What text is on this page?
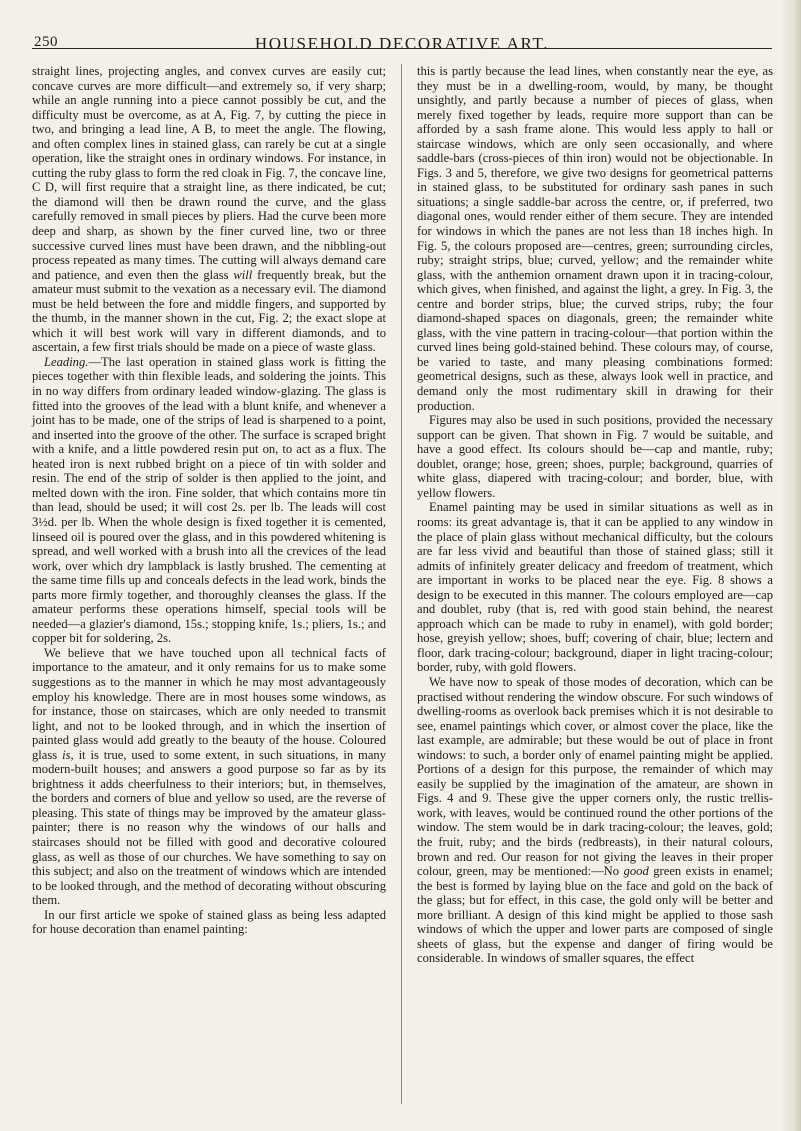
250	HOUSEHOLD DECORATIVE ART.

straight lines, projecting angles, and convex curves are easily cut; concave curves are more difficult—and extremely so, if very sharp; while an angle running into a piece cannot possibly be cut, and the difficulty must be overcome, as at A, Fig. 7, by cutting the piece in two, and bringing a lead line, A B, to meet the angle. The flowing, and often complex lines in stained glass, can rarely be cut at a single operation, like the straight ones in ordinary windows. For instance, in cutting the ruby glass to form the red cloak in Fig. 7, the concave line, C D, will first require that a straight line, as there indicated, be cut; the diamond will then be drawn round the curve, and the glass carefully removed in small pieces by pliers. Had the curve been more deep and sharp, as shown by the finer curved line, two or three successive curved lines must have been drawn, and the nibbling-out process repeated as many times. The cutting will always demand care and patience, and even then the glass will frequently break, but the amateur must submit to the vexation as a necessary evil. The diamond must be held between the fore and middle fingers, and supported by the thumb, in the manner shown in the cut, Fig. 2; the exact slope at which it will best work will vary in different diamonds, and to ascertain, a few first trials should be made on a piece of waste glass.

Leading.—The last operation in stained glass work is fitting the pieces together with thin flexible leads, and soldering the joints. This in no way differs from ordinary leaded window-glazing. The glass is fitted into the grooves of the lead with a blunt knife, and whenever a joint has to be made, one of the strips of lead is sharpened to a point, and inserted into the groove of the other. The surface is scraped bright with a knife, and a little powdered resin put on, to act as a flux. The heated iron is next rubbed bright on a piece of tin with solder and resin. The end of the strip of solder is then applied to the joint, and melted down with the iron. Fine solder, that which contains more tin than lead, should be used; it will cost 2s. per lb. The leads will cost 3½d. per lb. When the whole design is fixed together it is cemented, linseed oil is poured over the glass, and in this powdered whitening is spread, and well worked with a brush into all the crevices of the lead work, over which dry lampblack is lastly brushed. The cementing at the same time fills up and conceals defects in the lead work, binds the parts more firmly together, and thoroughly cleanses the glass. If the amateur performs these operations himself, special tools will be needed—a glazier's diamond, 15s.; stopping knife, 1s.; pliers, 1s.; and copper bit for soldering, 2s.

We believe that we have touched upon all technical facts of importance to the amateur, and it only remains for us to make some suggestions as to the manner in which he may most advantageously employ his knowledge. There are in most houses some windows, as for instance, those on staircases, which are only needed to transmit light, and not to be looked through, and in which the insertion of painted glass would add greatly to the beauty of the house. Coloured glass is, it is true, used to some extent, in such situations, in many modern-built houses; and answers a good purpose so far as by its brightness it adds cheerfulness to their interiors; but, in themselves, the borders and corners of blue and yellow so used, are the reverse of pleasing. This state of things may be improved by the amateur glass-painter; there is no reason why the windows of our halls and staircases should not be filled with good and decorative coloured glass, as well as those of our churches. We have something to say on this subject; and also on the treatment of windows which are intended to be looked through, and the method of decorating without obscuring them.

In our first article we spoke of stained glass as being less adapted for house decoration than enamel painting:

this is partly because the lead lines, when constantly near the eye, as they must be in a dwelling-room, would, by many, be thought unsightly, and partly because a number of pieces of glass, when merely fixed together by leads, require more support than can be afforded by a sash frame alone. This would less apply to hall or staircase windows, which are only seen occasionally, and where saddle-bars (cross-pieces of thin iron) would not be objectionable. In Figs. 3 and 5, therefore, we give two designs for geometrical patterns in stained glass, to be substituted for ordinary sash panes in such situations; a single saddle-bar across the centre, or, if preferred, two diagonal ones, would render either of them secure. They are intended for windows in which the panes are not less than 18 inches high. In Fig. 5, the colours proposed are—centres, green; surrounding circles, ruby; straight strips, blue; curved, yellow; and the remainder white glass, with the anthemion ornament drawn upon it in tracing-colour, which gives, when finished, and against the light, a grey. In Fig. 3, the centre and border strips, blue; the curved strips, ruby; the four diamond-shaped spaces on diagonals, green; the remainder white glass, with the vine pattern in tracing-colour—that portion within the curved lines being gold-stained behind. These colours may, of course, be varied to taste, and many pleasing combinations formed: geometrical designs, such as these, always look well in practice, and demand only the most rudimentary skill in drawing for their production.

Figures may also be used in such positions, provided the necessary support can be given. That shown in Fig. 7 would be suitable, and have a good effect. Its colours should be—cap and mantle, ruby; doublet, orange; hose, green; shoes, purple; background, quarries of white glass, diapered with tracing-colour; and border, blue, with yellow flowers.

Enamel painting may be used in similar situations as well as in rooms: its great advantage is, that it can be applied to any window in the place of plain glass without mechanical difficulty, but the colours are far less vivid and beautiful than those of stained glass; still it admits of infinitely greater delicacy and freedom of treatment, which are important in works to be placed near the eye. Fig. 8 shows a design to be executed in this manner. The colours employed are—cap and doublet, ruby (that is, red with good stain behind, the nearest approach which can be made to ruby in enamel), with gold border; hose, greyish yellow; shoes, buff; covering of chair, blue; lectern and floor, dark tracing-colour; background, diaper in light tracing-colour; border, ruby, with gold flowers.

We have now to speak of those modes of decoration, which can be practised without rendering the window obscure. For such windows of dwelling-rooms as overlook back premises which it is not desirable to see, enamel paintings which cover, or almost cover the place, like the last example, are admirable; but these would be out of place in front windows: to such, a border only of enamel painting might be applied. Portions of a design for this purpose, the remainder of which may easily be supplied by the imagination of the amateur, are shown in Figs. 4 and 9. These give the upper corners only, the rustic trellis-work, with leaves, would be continued round the other portions of the window. The stem would be in dark tracing-colour; the leaves, gold; the fruit, ruby; and the birds (redbreasts), in their natural colours, brown and red. Our reason for not giving the leaves in their proper colour, green, may be mentioned:—No good green exists in enamel; the best is formed by laying blue on the face and gold on the back of the glass; but for effect, in this case, the gold only will be better and more brilliant. A design of this kind might be applied to those sash windows of which the upper and lower parts are composed of single sheets of glass, but the expense and danger of firing would be considerable. In windows of smaller squares, the effect
